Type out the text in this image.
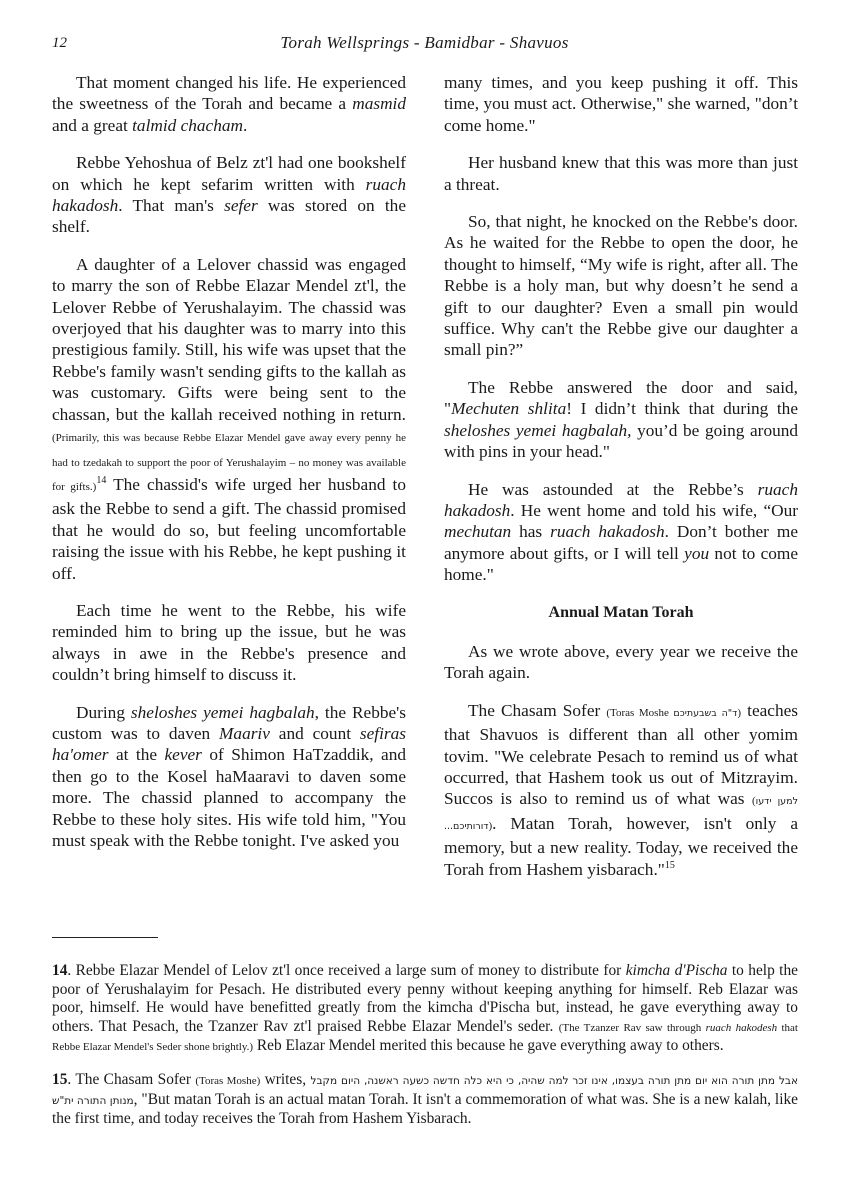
12	Torah Wellsprings - Bamidbar - Shavuos

That moment changed his life. He experienced the sweetness of the Torah and became a masmid and a great talmid chacham.

Rebbe Yehoshua of Belz zt'l had one bookshelf on which he kept sefarim written with ruach hakadosh. That man's sefer was stored on the shelf.

A daughter of a Lelover chassid was engaged to marry the son of Rebbe Elazar Mendel zt'l, the Lelover Rebbe of Yerushalayim. The chassid was overjoyed that his daughter was to marry into this prestigious family. Still, his wife was upset that the Rebbe's family wasn't sending gifts to the kallah as was customary. Gifts were being sent to the chassan, but the kallah received nothing in return. (Primarily, this was because Rebbe Elazar Mendel gave away every penny he had to tzedakah to support the poor of Yerushalayim – no money was available for gifts.)$^{14}$ The chassid's wife urged her husband to ask the Rebbe to send a gift. The chassid promised that he would do so, but feeling uncomfortable raising the issue with his Rebbe, he kept pushing it off.

Each time he went to the Rebbe, his wife reminded him to bring up the issue, but he was always in awe in the Rebbe's presence and couldn’t bring himself to discuss it.

During sheloshes yemei hagbalah, the Rebbe's custom was to daven Maariv and count sefiras ha'omer at the kever of Shimon HaTzaddik, and then go to the Kosel haMaaravi to daven some more. The chassid planned to accompany the Rebbe to these holy sites. His wife told him, "You must speak with the Rebbe tonight. I've asked you

many times, and you keep pushing it off. This time, you must act. Otherwise," she warned, "don’t come home."

Her husband knew that this was more than just a threat.

So, that night, he knocked on the Rebbe's door. As he waited for the Rebbe to open the door, he thought to himself, “My wife is right, after all. The Rebbe is a holy man, but why doesn’t he send a gift to our daughter? Even a small pin would suffice. Why can't the Rebbe give our daughter a small pin?”

The Rebbe answered the door and said, "Mechuten shlita! I didn’t think that during the sheloshes yemei hagbalah, you’d be going around with pins in your head."

He was astounded at the Rebbe’s ruach hakadosh. He went home and told his wife, “Our mechutan has ruach hakadosh. Don’t bother me anymore about gifts, or I will tell you not to come home."

Annual Matan Torah

As we wrote above, every year we receive the Torah again.

The Chasam Sofer (Toras Moshe ד"ה בשבעתיכם) teaches that Shavuos is different than all other yomim tovim. "We celebrate Pesach to remind us of what occurred, that Hashem took us out of Mitzrayim. Succos is also to remind us of what was (למען ידעו דורותיכם...). Matan Torah, however, isn't only a memory, but a new reality. Today, we received the Torah from Hashem yisbarach."$^{15}$

14. Rebbe Elazar Mendel of Lelov zt'l once received a large sum of money to distribute for kimcha d'Pischa to help the poor of Yerushalayim for Pesach. He distributed every penny without keeping anything for himself. Reb Elazar was poor, himself. He would have benefitted greatly from the kimcha d'Pischa but, instead, he gave everything away to others. That Pesach, the Tzanzer Rav zt'l praised Rebbe Elazar Mendel's seder. (The Tzanzer Rav saw through ruach hakodesh that Rebbe Elazar Mendel's Seder shone brightly.) Reb Elazar Mendel merited this because he gave everything away to others.

15. The Chasam Sofer (Toras Moshe) writes, אבל מתן תורה הוא יום מתן תורה בעצמו, אינו זכר למה שהיה, כי היא כלה חדשה כשעה ראשנה, היום מקבל מנותן התורה ית"ש, "But matan Torah is an actual matan Torah. It isn't a commemoration of what was. She is a new kalah, like the first time, and today receives the Torah from Hashem Yisbarach.
